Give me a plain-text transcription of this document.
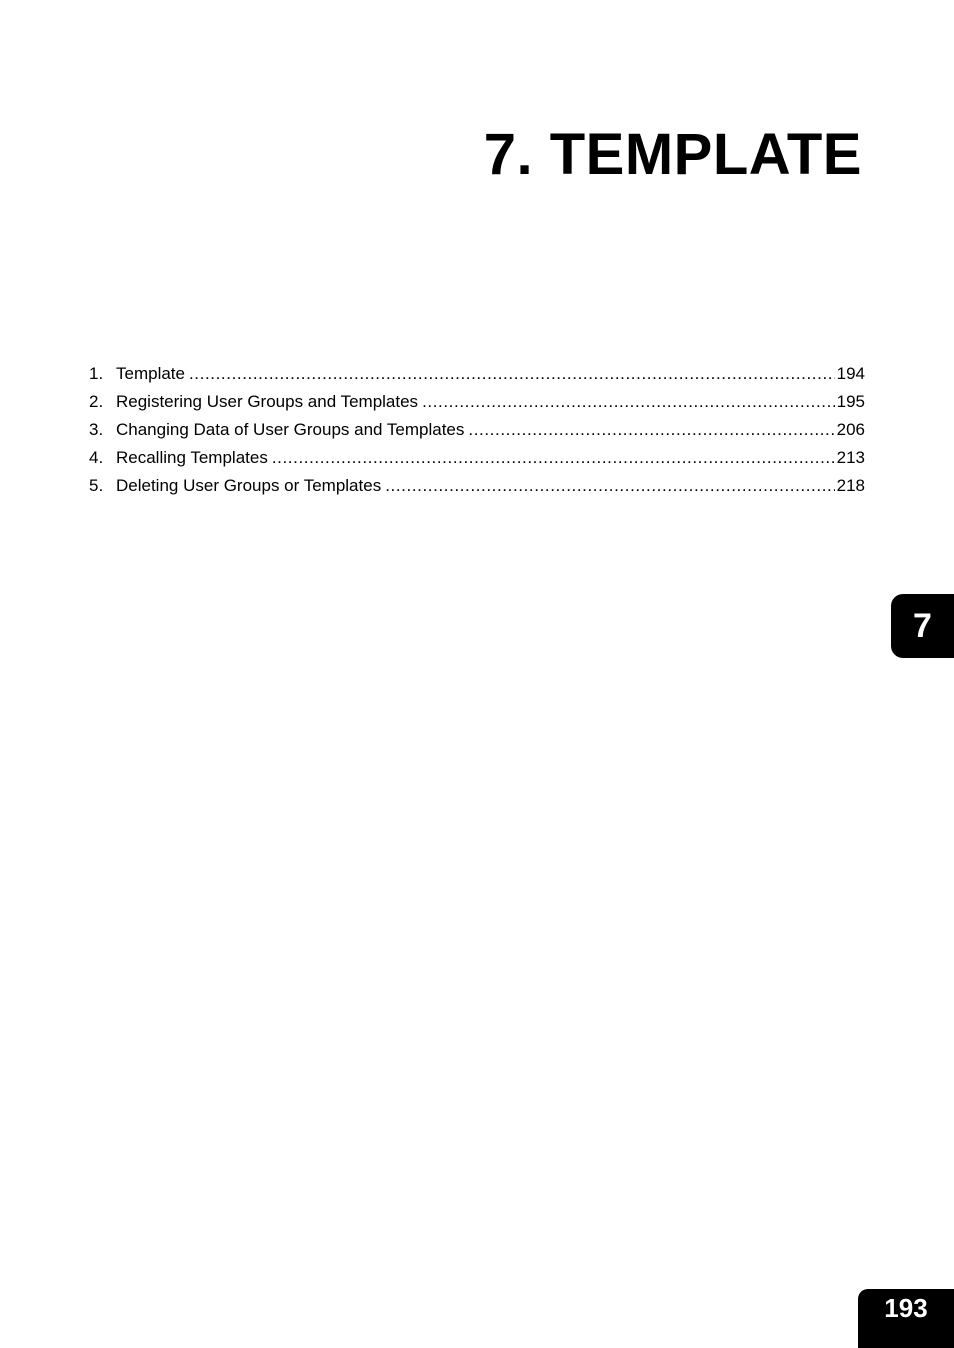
7. TEMPLATE
1. Template .....	194
2. Registering User Groups and Templates .....	195
3. Changing Data of User Groups and Templates .....	206
4. Recalling Templates .....	213
5. Deleting User Groups or Templates .....	218
7
193
